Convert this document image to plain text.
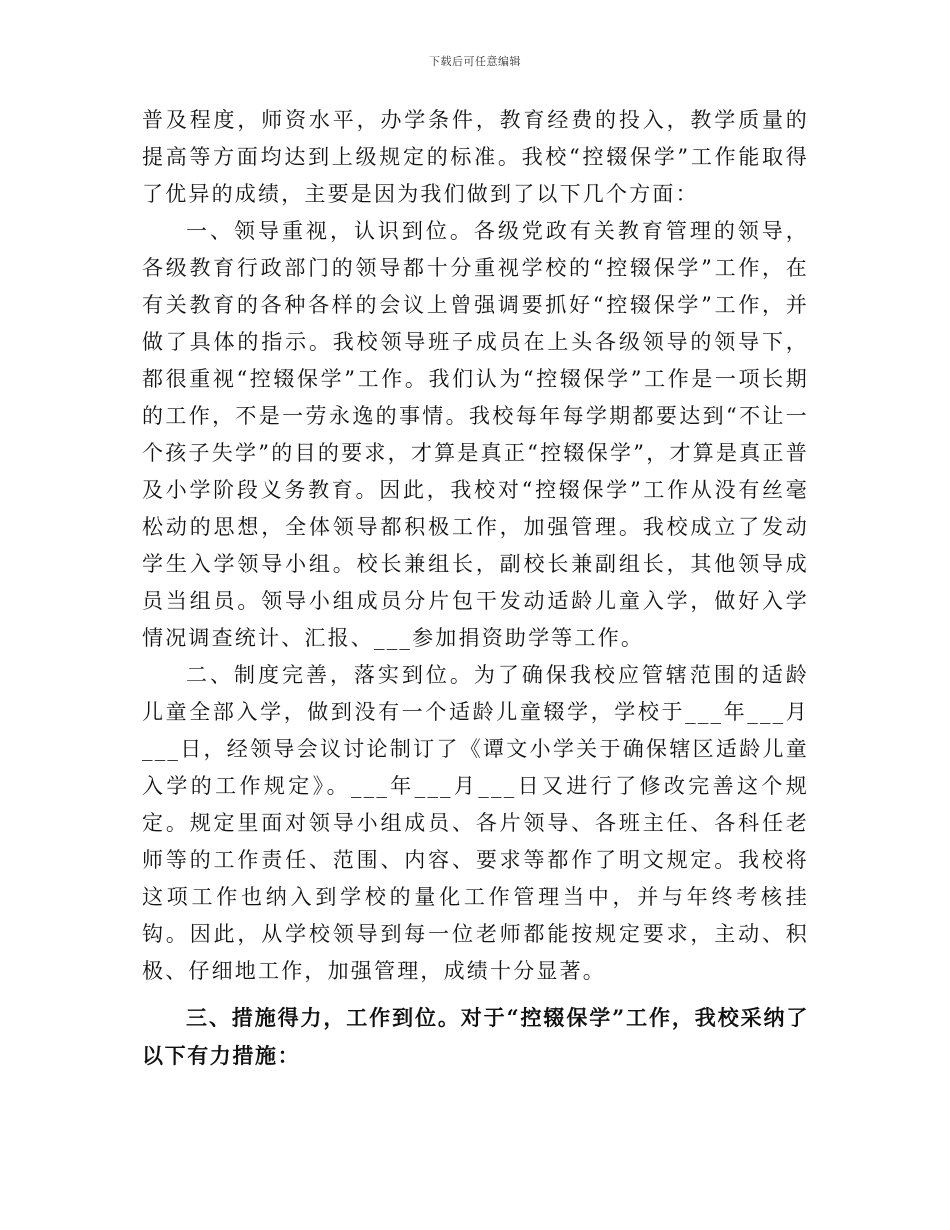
下载后可任意编辑

普及程度，师资水平，办学条件，教育经费的投入，教学质量的提高等方面均达到上级规定的标准。我校“控辍保学”工作能取得了优异的成绩，主要是因为我们做到了以下几个方面：

一、领导重视，认识到位。各级党政有关教育管理的领导，各级教育行政部门的领导都十分重视学校的“控辍保学”工作，在有关教育的各种各样的会议上曾强调要抓好“控辍保学”工作，并做了具体的指示。我校领导班子成员在上头各级领导的领导下，都很重视“控辍保学”工作。我们认为“控辍保学”工作是一项长期的工作，不是一劳永逸的事情。我校每年每学期都要达到“不让一个孩子失学”的目的要求，才算是真正“控辍保学”，才算是真正普及小学阶段义务教育。因此，我校对“控辍保学”工作从没有丝毫松动的思想，全体领导都积极工作，加强管理。我校成立了发动学生入学领导小组。校长兼组长，副校长兼副组长，其他领导成员当组员。领导小组成员分片包干发动适龄儿童入学，做好入学情况调查统计、汇报、___参加捐资助学等工作。

二、制度完善，落实到位。为了确保我校应管辖范围的适龄儿童全部入学，做到没有一个适龄儿童辍学，学校于___年___月___日，经领导会议讨论制订了《谭文小学关于确保辖区适龄儿童入学的工作规定》。___年___月___日又进行了修改完善这个规定。规定里面对领导小组成员、各片领导、各班主任、各科任老师等的工作责任、范围、内容、要求等都作了明文规定。我校将这项工作也纳入到学校的量化工作管理当中，并与年终考核挂钩。因此，从学校领导到每一位老师都能按规定要求，主动、积极、仔细地工作，加强管理，成绩十分显著。

三、措施得力，工作到位。对于“控辍保学”工作，我校采纳了以下有力措施：
